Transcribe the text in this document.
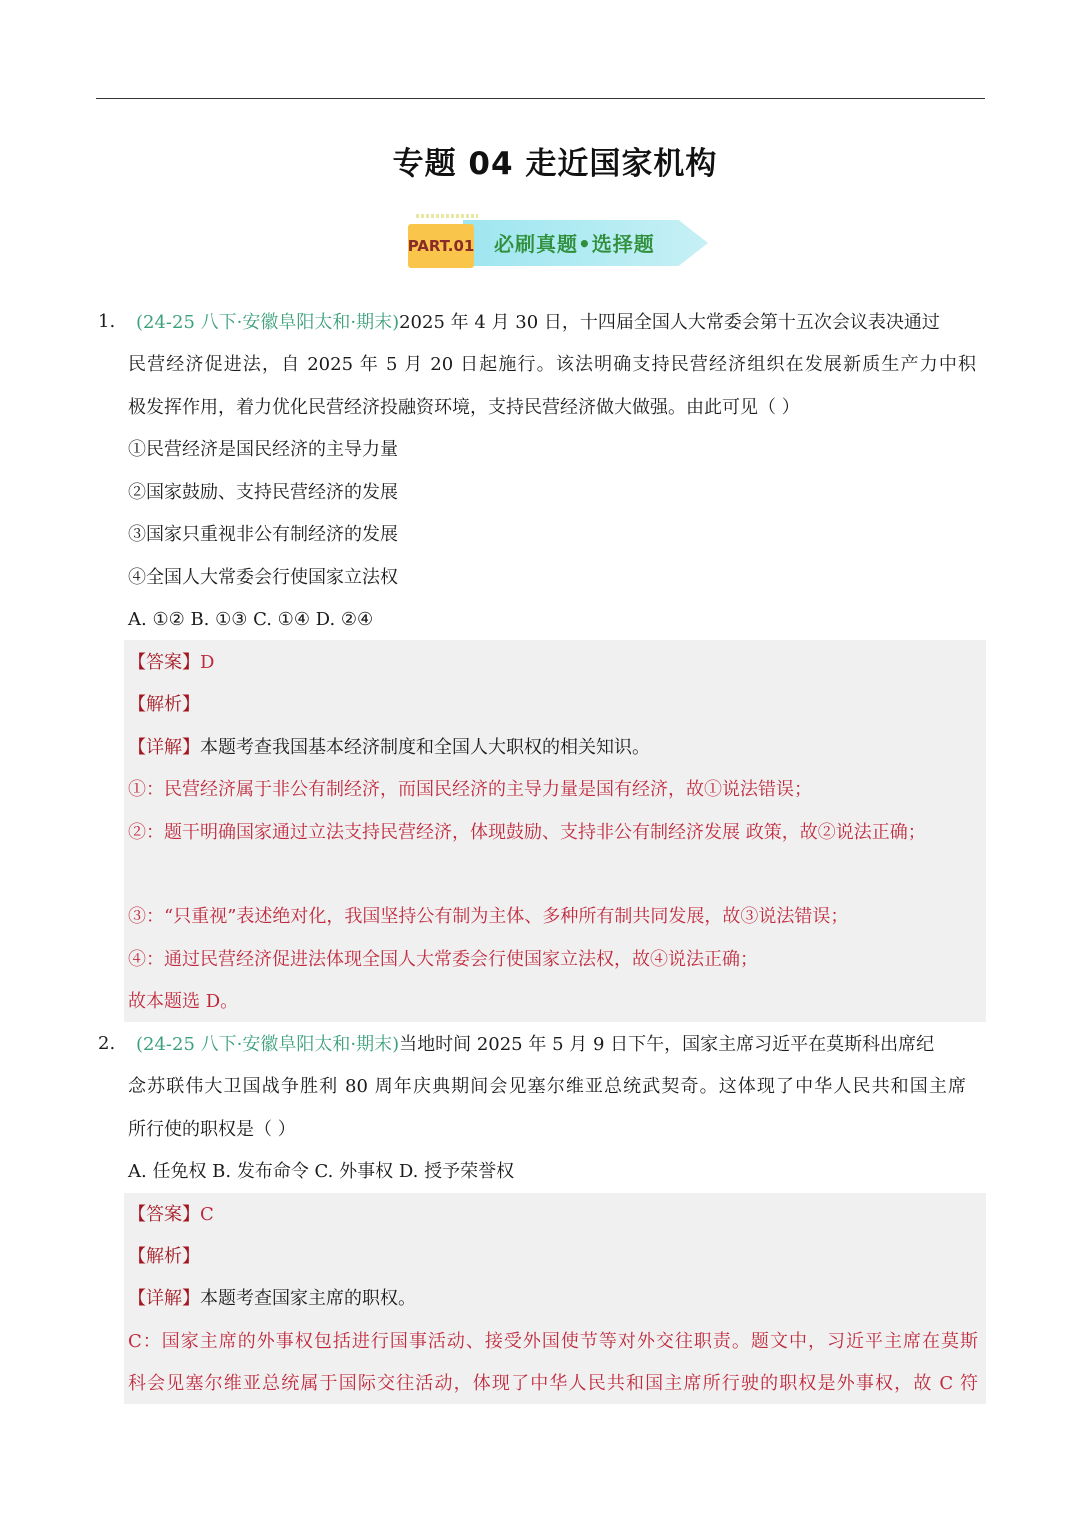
专题 04 走近国家机构
PART.01 必刷真题•选择题
1. (24-25 八下·安徽阜阳太和·期末)2025 年 4 月 30 日，十四届全国人大常委会第十五次会议表决通过
民营经济促进法，自 2025 年 5 月 20 日起施行。该法明确支持民营经济组织在发展新质生产力中积
极发挥作用，着力优化民营经济投融资环境，支持民营经济做大做强。由此可见（ ）
①民营经济是国民经济的主导力量
②国家鼓励、支持民营经济的发展
③国家只重视非公有制经济的发展
④全国人大常委会行使国家立法权
A. ①② B. ①③ C. ①④ D. ②④
【答案】D
【解析】
【详解】本题考查我国基本经济制度和全国人大职权的相关知识。
①：民营经济属于非公有制经济，而国民经济的主导力量是国有经济，故①说法错误；
②：题干明确国家通过立法支持民营经济，体现鼓励、支持非公有制经济发展 政策，故②说法正确；
③：“只重视”表述绝对化，我国坚持公有制为主体、多种所有制共同发展，故③说法错误；
④：通过民营经济促进法体现全国人大常委会行使国家立法权，故④说法正确；
故本题选 D。
2. (24-25 八下·安徽阜阳太和·期末)当地时间 2025 年 5 月 9 日下午，国家主席习近平在莫斯科出席纪
念苏联伟大卫国战争胜利 80 周年庆典期间会见塞尔维亚总统武契奇。这体现了中华人民共和国主席
所行使的职权是（ ）
A. 任免权 B. 发布命令 C. 外事权 D. 授予荣誉权
【答案】C
【解析】
【详解】本题考查国家主席的职权。
C：国家主席的外事权包括进行国事活动、接受外国使节等对外交往职责。题文中，习近平主席在莫斯
科会见塞尔维亚总统属于国际交往活动，体现了中华人民共和国主席所行驶的职权是外事权，故 C 符
